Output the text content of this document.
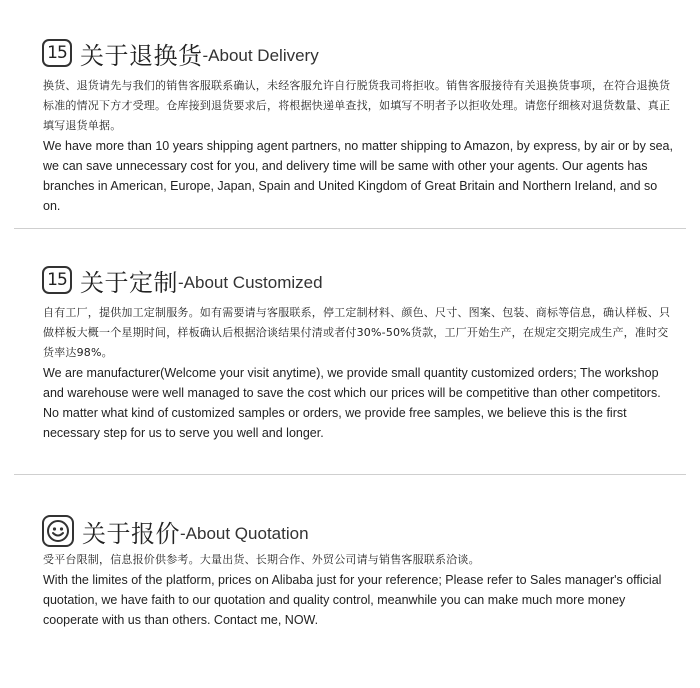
15 关于退换货 -About Delivery
换货、退货请先与我们的销售客服联系确认，未经客服允许自行脱货我司将拒收。销售客服接待有关退换货事项，在符合退换货标准的情况下方才受理。仓库接到退货要求后，将根据快递单查找，如填写不明者予以拒收处理。请您仔细核对退货数量、真正填写退货单据。
We have more than 10 years shipping agent partners, no matter shipping to Amazon, by express, by air or by sea, we can save unnecessary cost for you, and delivery time will be same with other your agents. Our agents has branches in American, Europe, Japan, Spain and United Kingdom of Great Britain and Northern Ireland, and so on.
15 关于定制 -About Customized
自有工厂，提供加工定制服务。如有需要请与客服联系，停工定制材料、颜色、尺寸、图案、包装、商标等信息，确认样板、只做样板大概一个星期时间，样板确认后根据洽谈结果付清或者付30%-50%货款，工厂开始生产，在规定交期完成生产，准时交货率达98%。
We are manufacturer(Welcome your visit anytime), we provide small quantity customized orders; The workshop and warehouse were well managed to save the cost which our prices will be competitive than other competitors. No matter what kind of customized samples or orders, we provide free samples, we believe this is the first necessary step for us to serve you well and longer.
关于报价 -About Quotation
受平台限制，信息报价供参考。大量出货、长期合作、外贸公司请与销售客服联系洽谈。
With the limites of the platform, prices on Alibaba just for your reference; Please refer to Sales manager's official quotation, we have faith to our quotation and quality control, meanwhile you can make much more money cooperate with us than others. Contact me, NOW.
